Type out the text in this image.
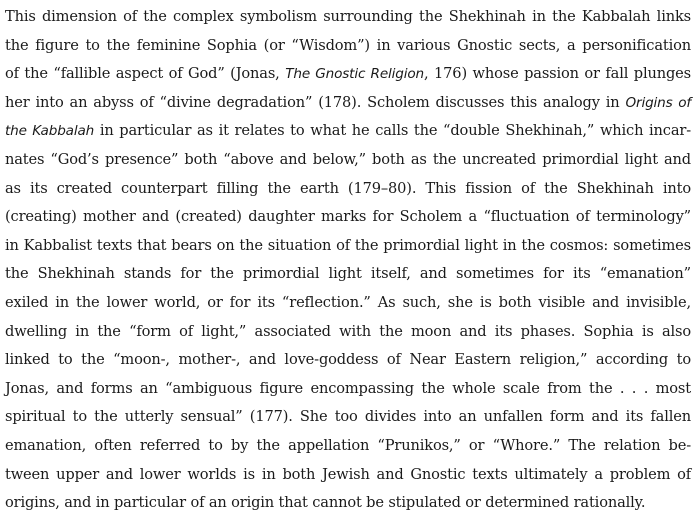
This dimension of the complex symbolism surrounding the Shekhinah in the Kabbalah links
the figure to the feminine Sophia (or “Wisdom”) in various Gnostic sects, a personification
of the “fallible aspect of God” (Jonas, The Gnostic Religion, 176) whose passion or fall plunges
her into an abyss of “divine degradation” (178). Scholem discusses this analogy in Origins of
the Kabbalah in particular as it relates to what he calls the “double Shekhinah,” which incar-
nates “God’s presence” both “above and below,” both as the uncreated primordial light and
as its created counterpart filling the earth (179–80). This fission of the Shekhinah into
(creating) mother and (created) daughter marks for Scholem a “fluctuation of terminology”
in Kabbalist texts that bears on the situation of the primordial light in the cosmos: sometimes
the Shekhinah stands for the primordial light itself, and sometimes for its “emanation”
exiled in the lower world, or for its “reflection.” As such, she is both visible and invisible,
dwelling in the “form of light,” associated with the moon and its phases. Sophia is also
linked to the “moon-, mother-, and love-goddess of Near Eastern religion,” according to
Jonas, and forms an “ambiguous figure encompassing the whole scale from the . . . most
spiritual to the utterly sensual” (177). She too divides into an unfallen form and its fallen
emanation, often referred to by the appellation “Prunikos,” or “Whore.” The relation be-
tween upper and lower worlds is in both Jewish and Gnostic texts ultimately a problem of
origins, and in particular of an origin that cannot be stipulated or determined rationally.
